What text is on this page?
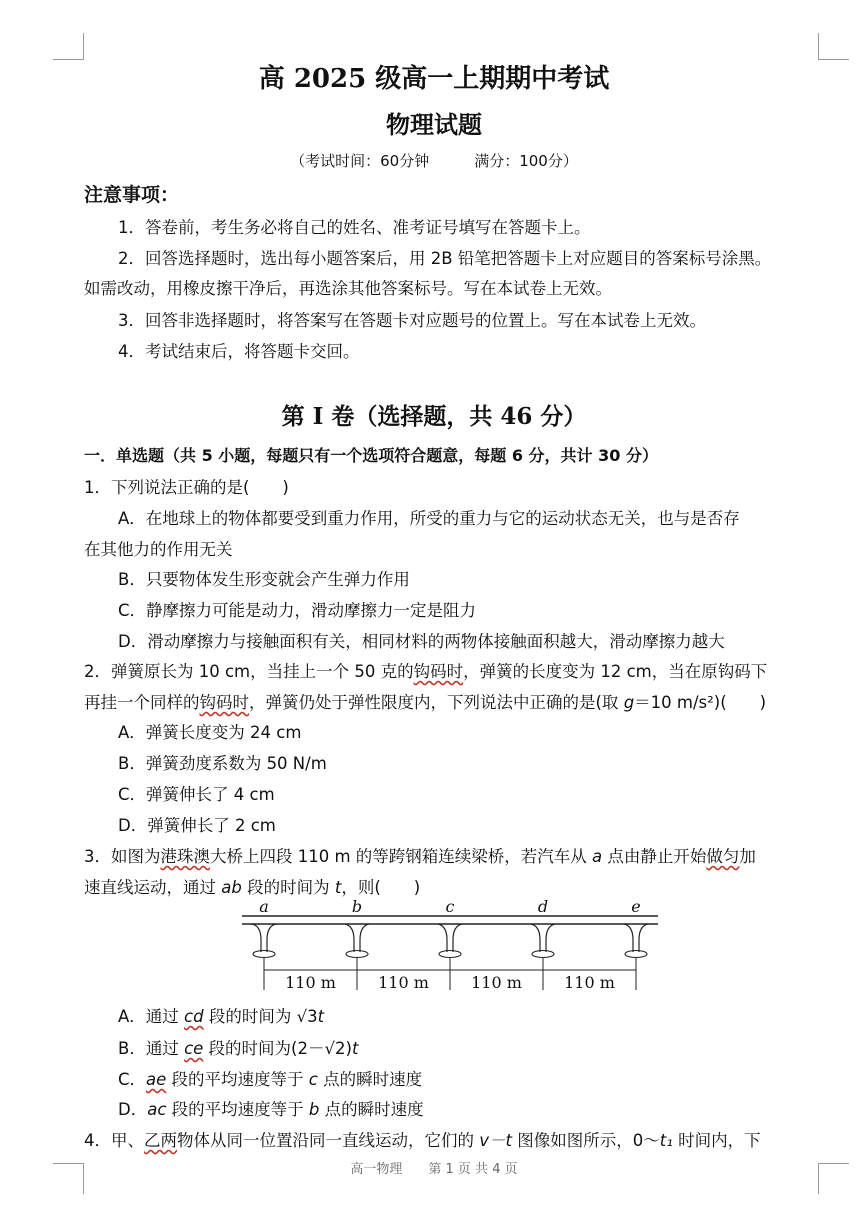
高 2025 级高一上期期中考试
物理试题
（考试时间：60分钟　　　满分：100分）
注意事项：
1．答卷前，考生务必将自己的姓名、准考证号填写在答题卡上。
2．回答选择题时，选出每小题答案后，用 2B 铅笔把答题卡上对应题目的答案标号涂黑。
如需改动，用橡皮擦干净后，再选涂其他答案标号。写在本试卷上无效。
3．回答非选择题时，将答案写在答题卡对应题号的位置上。写在本试卷上无效。
4．考试结束后，将答题卡交回。
第 I 卷（选择题，共 46 分）
一．单选题（共 5 小题，每题只有一个选项符合题意，每题 6 分，共计 30 分）
1．下列说法正确的是(　　)
A．在地球上的物体都要受到重力作用，所受的重力与它的运动状态无关，也与是否存
在其他力的作用无关
B．只要物体发生形变就会产生弹力作用
C．静摩擦力可能是动力，滑动摩擦力一定是阻力
D．滑动摩擦力与接触面积有关，相同材料的两物体接触面积越大，滑动摩擦力越大
2．弹簧原长为 10 cm，当挂上一个 50 克的钩码时，弹簧的长度变为 12 cm，当在原钩码下
再挂一个同样的钩码时，弹簧仍处于弹性限度内，下列说法中正确的是(取 g＝10 m/s²)(　　)
A．弹簧长度变为 24 cm
B．弹簧劲度系数为 50 N/m
C．弹簧伸长了 4 cm
D．弹簧伸长了 2 cm
3．如图为港珠澳大桥上四段 110 m 的等跨钢箱连续梁桥，若汽车从 a 点由静止开始做匀加
速直线运动，通过 ab 段的时间为 t，则(　　)
a	b	c	d	e
110 m	110 m	110 m	110 m
A．通过 cd 段的时间为 √3t
B．通过 ce 段的时间为(2－√2)t
C．ae 段的平均速度等于 c 点的瞬时速度
D．ac 段的平均速度等于 b 点的瞬时速度
4．甲、乙两物体从同一位置沿同一直线运动，它们的 v－t 图像如图所示，0～t₁ 时间内，下
高一物理　　第 1 页 共 4 页
